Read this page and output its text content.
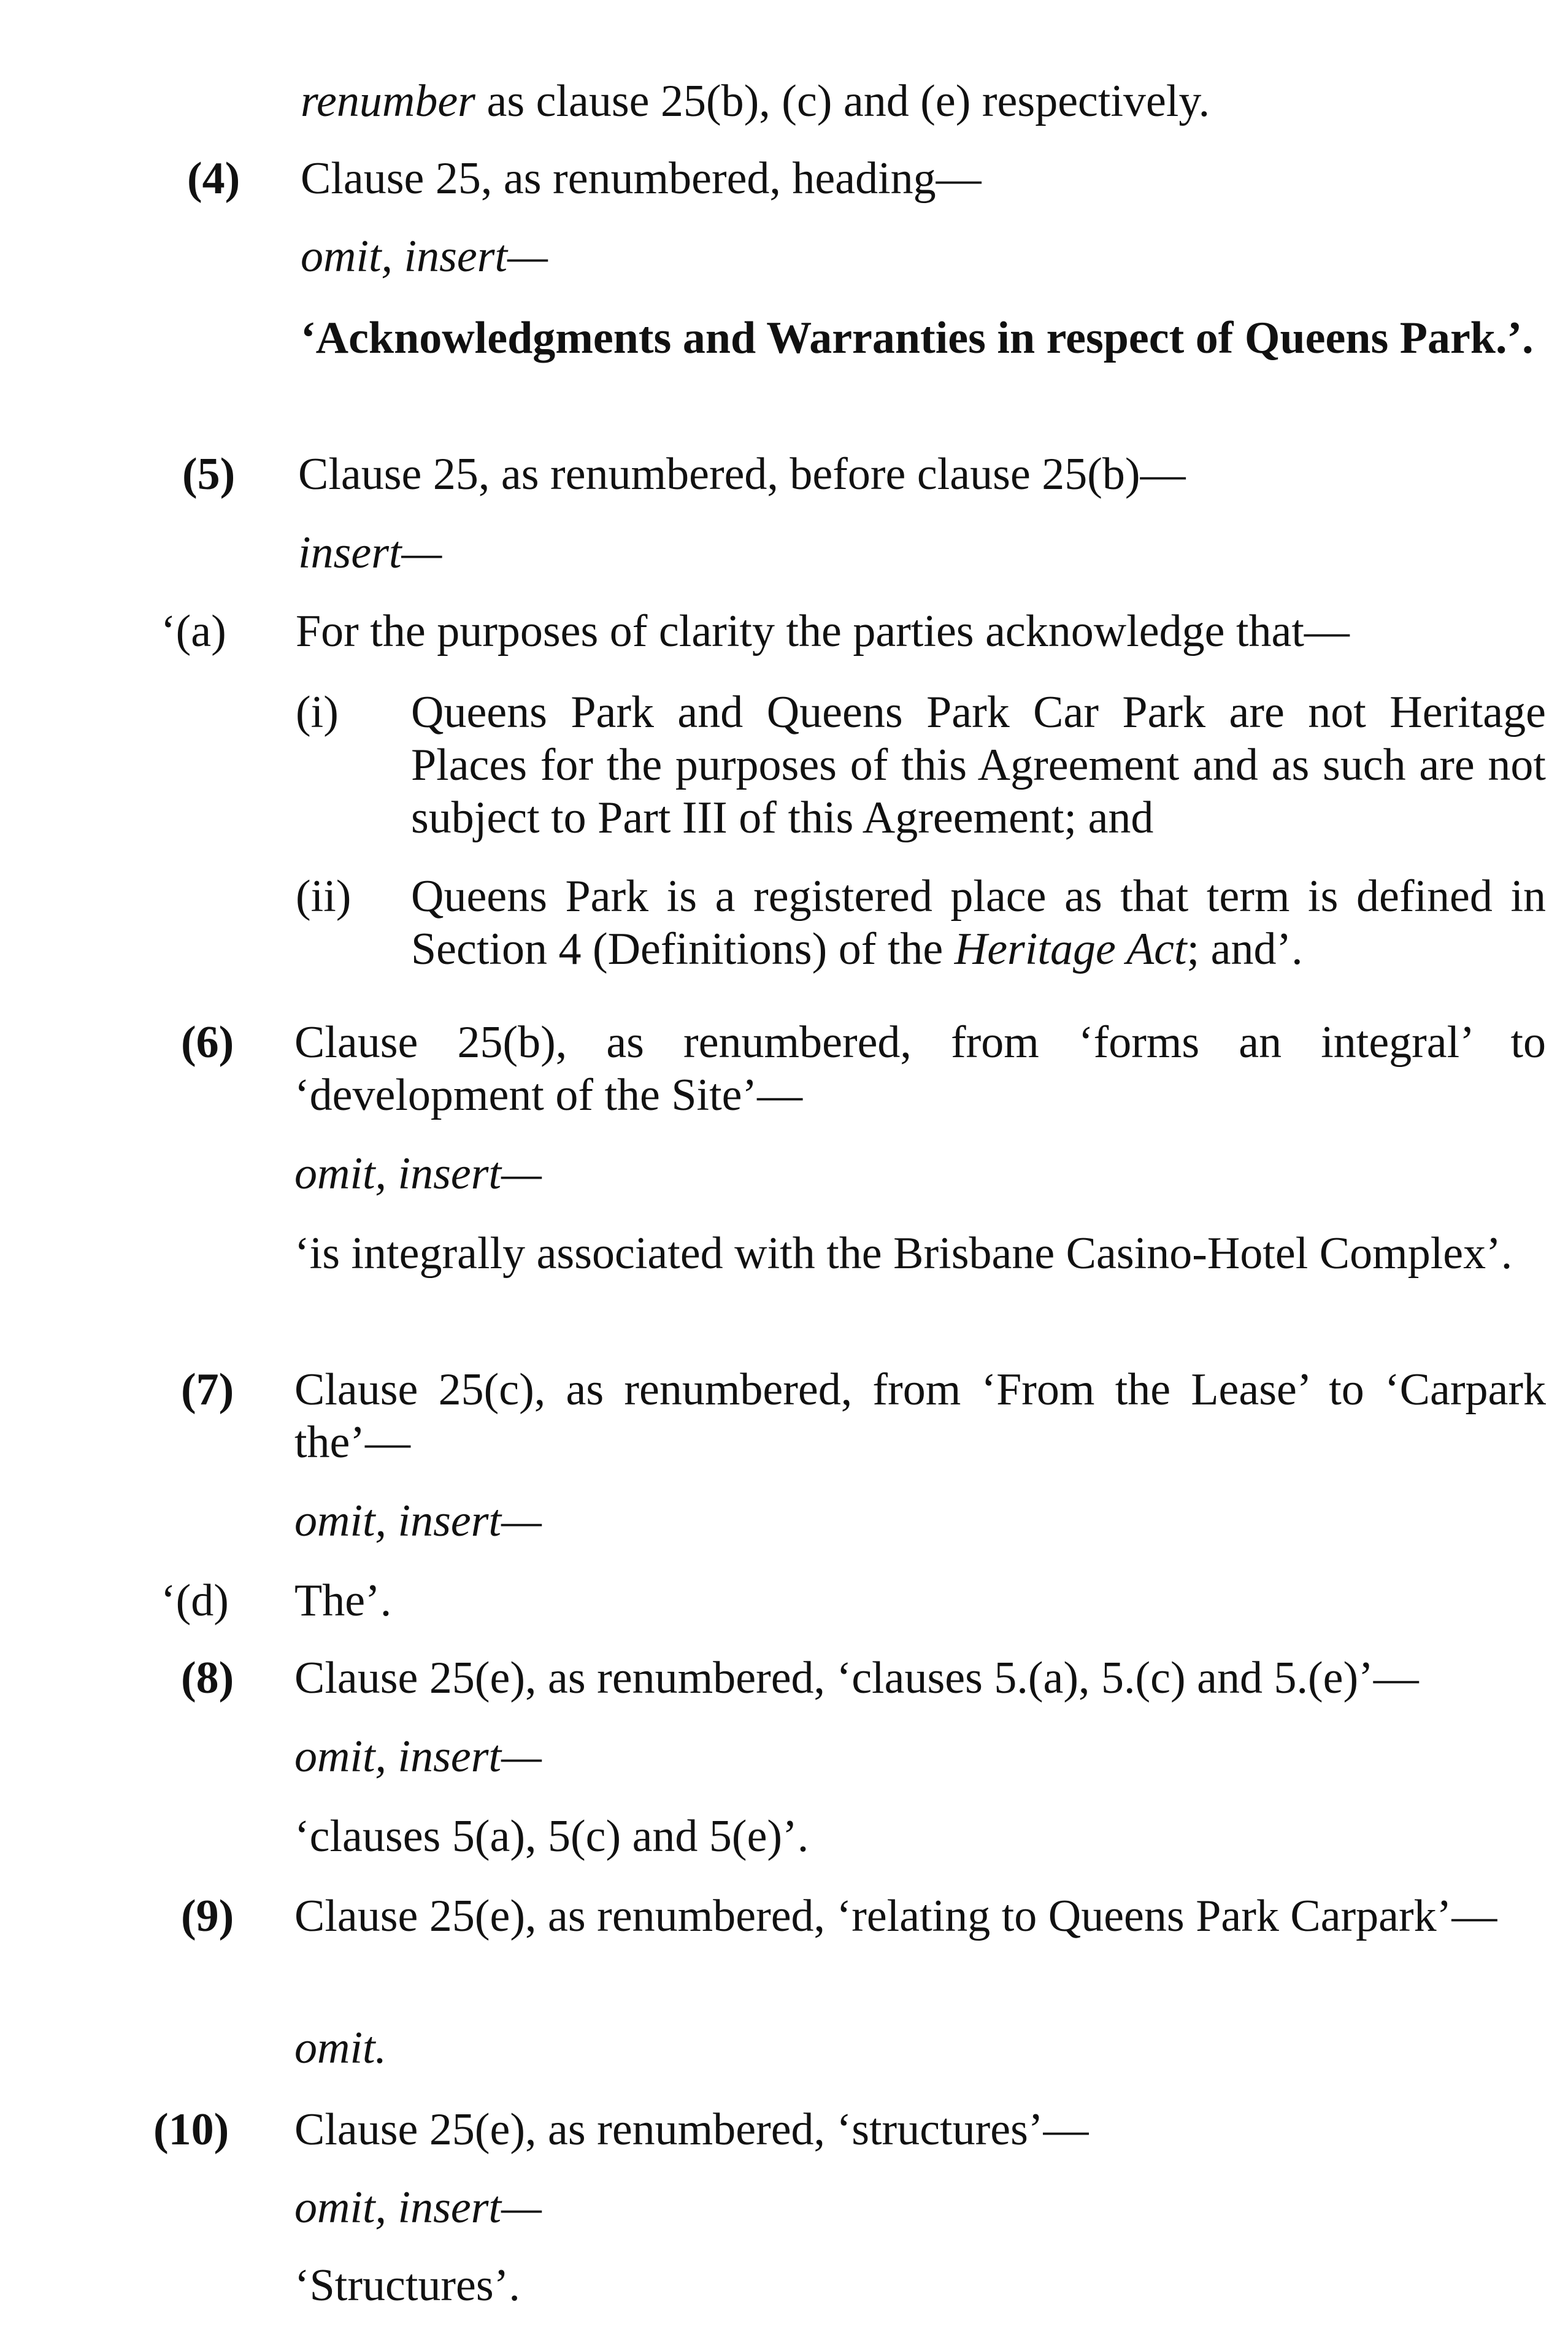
renumber as clause 25(b), (c) and (e) respectively.
(4) Clause 25, as renumbered, heading—
omit, insert—
‘Acknowledgments and Warranties in respect of Queens Park.’.
(5) Clause 25, as renumbered, before clause 25(b)—
insert—
‘(a) For the purposes of clarity the parties acknowledge that—
(i) Queens Park and Queens Park Car Park are not Heritage Places for the purposes of this Agreement and as such are not subject to Part III of this Agreement; and
(ii) Queens Park is a registered place as that term is defined in Section 4 (Definitions) of the Heritage Act; and’.
(6) Clause 25(b), as renumbered, from ‘forms an integral’ to ‘development of the Site’—
omit, insert—
‘is integrally associated with the Brisbane Casino-Hotel Complex’.
(7) Clause 25(c), as renumbered, from ‘From the Lease’ to ‘Carpark the’—
omit, insert—
‘(d) The’.
(8) Clause 25(e), as renumbered, ‘clauses 5.(a), 5.(c) and 5.(e)’—
omit, insert—
‘clauses 5(a), 5(c) and 5(e)’.
(9) Clause 25(e), as renumbered, ‘relating to Queens Park Carpark’—
omit.
(10) Clause 25(e), as renumbered, ‘structures’—
omit, insert—
‘Structures’.
